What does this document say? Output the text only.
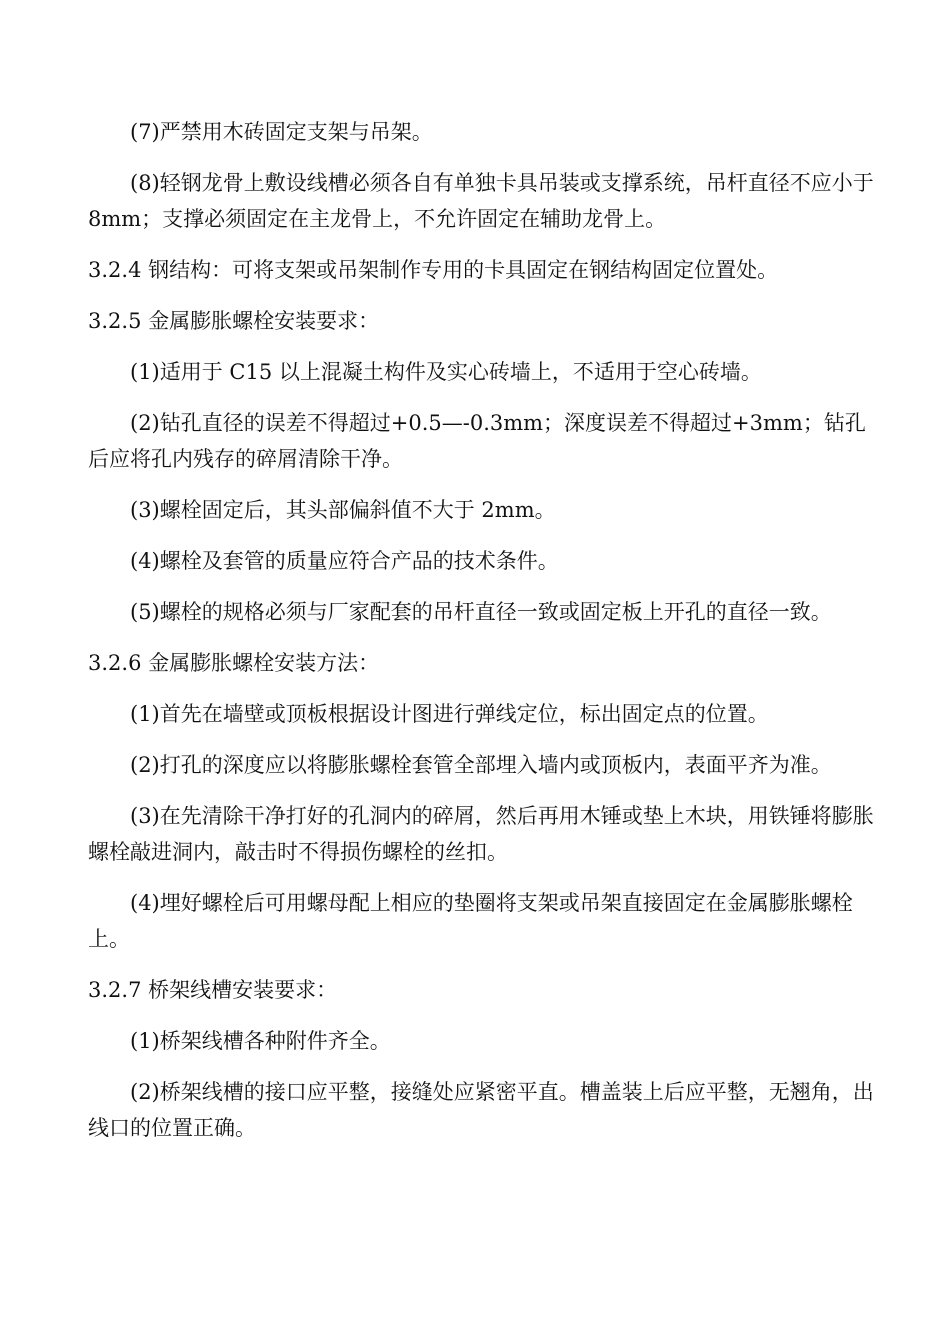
(7)严禁用木砖固定支架与吊架。

(8)轻钢龙骨上敷设线槽必须各自有单独卡具吊装或支撑系统，吊杆直径不应小于 8mm；支撑必须固定在主龙骨上，不允许固定在辅助龙骨上。

3.2.4 钢结构：可将支架或吊架制作专用的卡具固定在钢结构固定位置处。

3.2.5 金属膨胀螺栓安装要求：

(1)适用于 C15 以上混凝土构件及实心砖墙上，不适用于空心砖墙。

(2)钻孔直径的误差不得超过+0.5—-0.3mm；深度误差不得超过+3mm；钻孔后应将孔内残存的碎屑清除干净。

(3)螺栓固定后，其头部偏斜值不大于 2mm。

(4)螺栓及套管的质量应符合产品的技术条件。

(5)螺栓的规格必须与厂家配套的吊杆直径一致或固定板上开孔的直径一致。

3.2.6 金属膨胀螺栓安装方法：

(1)首先在墙壁或顶板根据设计图进行弹线定位，标出固定点的位置。

(2)打孔的深度应以将膨胀螺栓套管全部埋入墙内或顶板内，表面平齐为准。

(3)在先清除干净打好的孔洞内的碎屑，然后再用木锤或垫上木块，用铁锤将膨胀螺栓敲进洞内，敲击时不得损伤螺栓的丝扣。

(4)埋好螺栓后可用螺母配上相应的垫圈将支架或吊架直接固定在金属膨胀螺栓上。

3.2.7 桥架线槽安装要求：

(1)桥架线槽各种附件齐全。

(2)桥架线槽的接口应平整，接缝处应紧密平直。槽盖装上后应平整，无翘角，出线口的位置正确。
